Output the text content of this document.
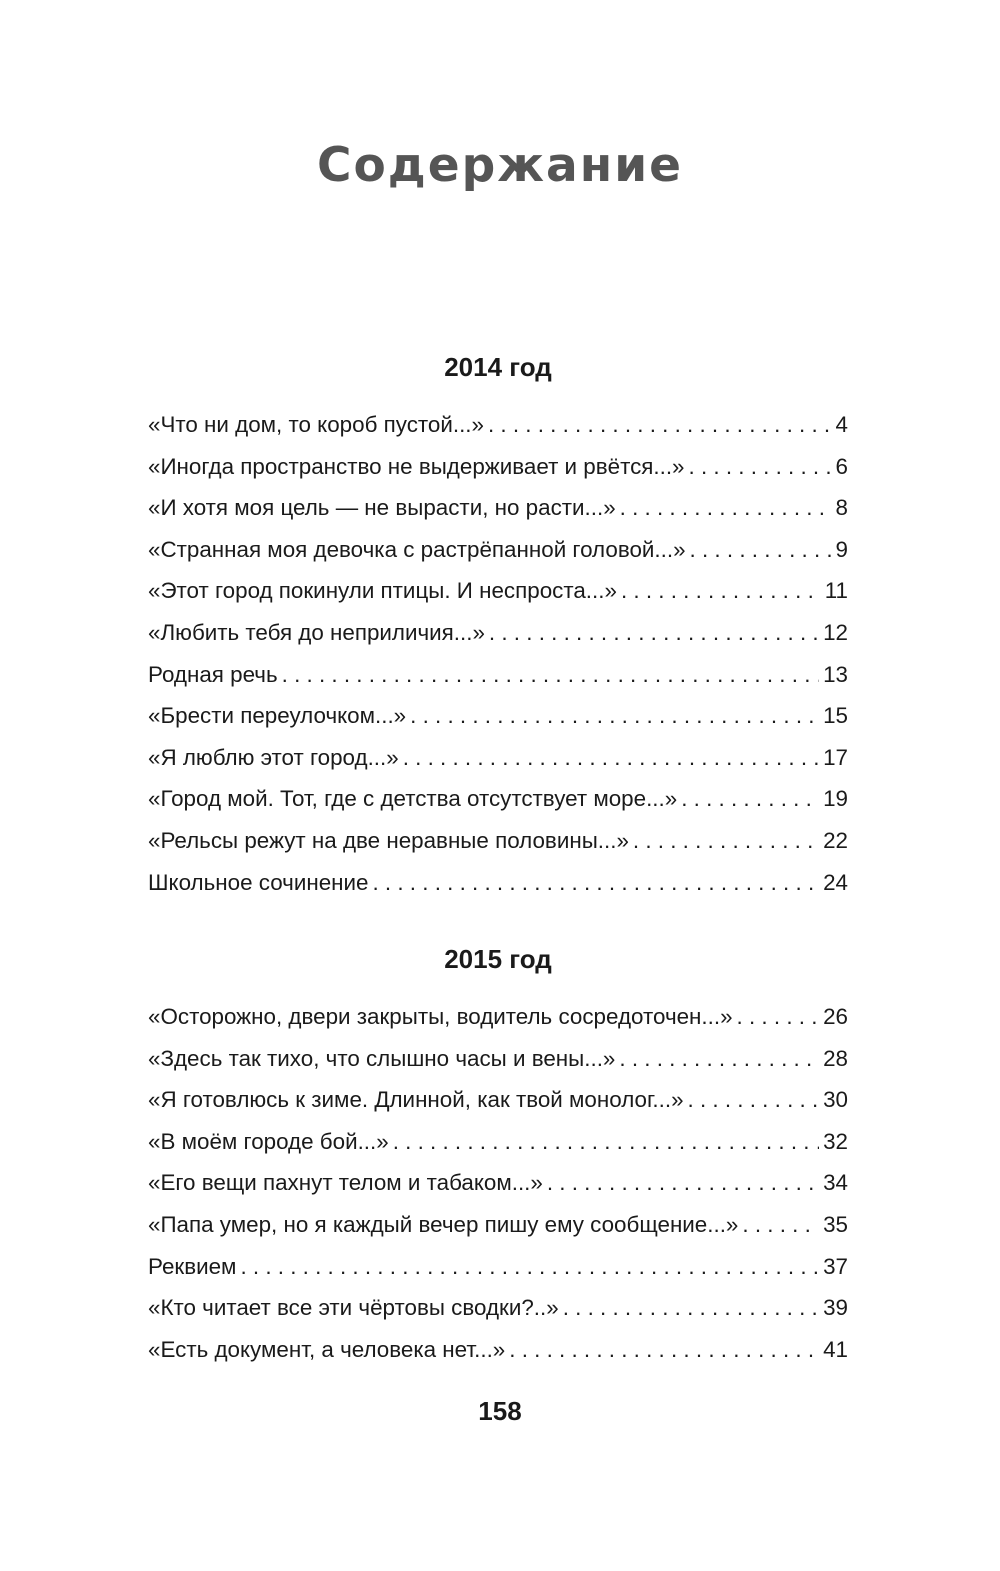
Содержание
2014 год
«Что ни дом, то короб пустой...» . . .	4
«Иногда пространство не выдерживает и рвётся...» . . .	6
«И хотя моя цель — не вырасти, но расти...» . . .	8
«Странная моя девочка с растрёпанной головой...» . . .	9
«Этот город покинули птицы. И неспроста...» . . .	11
«Любить тебя до неприличия...» . . .	12
Родная речь . . .	13
«Брести переулочком...» . . .	15
«Я люблю этот город...» . . .	17
«Город мой. Тот, где с детства отсутствует море...» . . .	19
«Рельсы режут на две неравные половины...» . . .	22
Школьное сочинение . . .	24
2015 год
«Осторожно, двери закрыты, водитель сосредоточен...» . . .	26
«Здесь так тихо, что слышно часы и вены...» . . .	28
«Я готовлюсь к зиме. Длинной, как твой монолог...» . . .	30
«В моём городе бой...» . . .	32
«Его вещи пахнут телом и табаком...» . . .	34
«Папа умер, но я каждый вечер пишу ему сообщение...» . . .	35
Реквием . . .	37
«Кто читает все эти чёртовы сводки?..» . . .	39
«Есть документ, а человека нет...» . . .	41
158
